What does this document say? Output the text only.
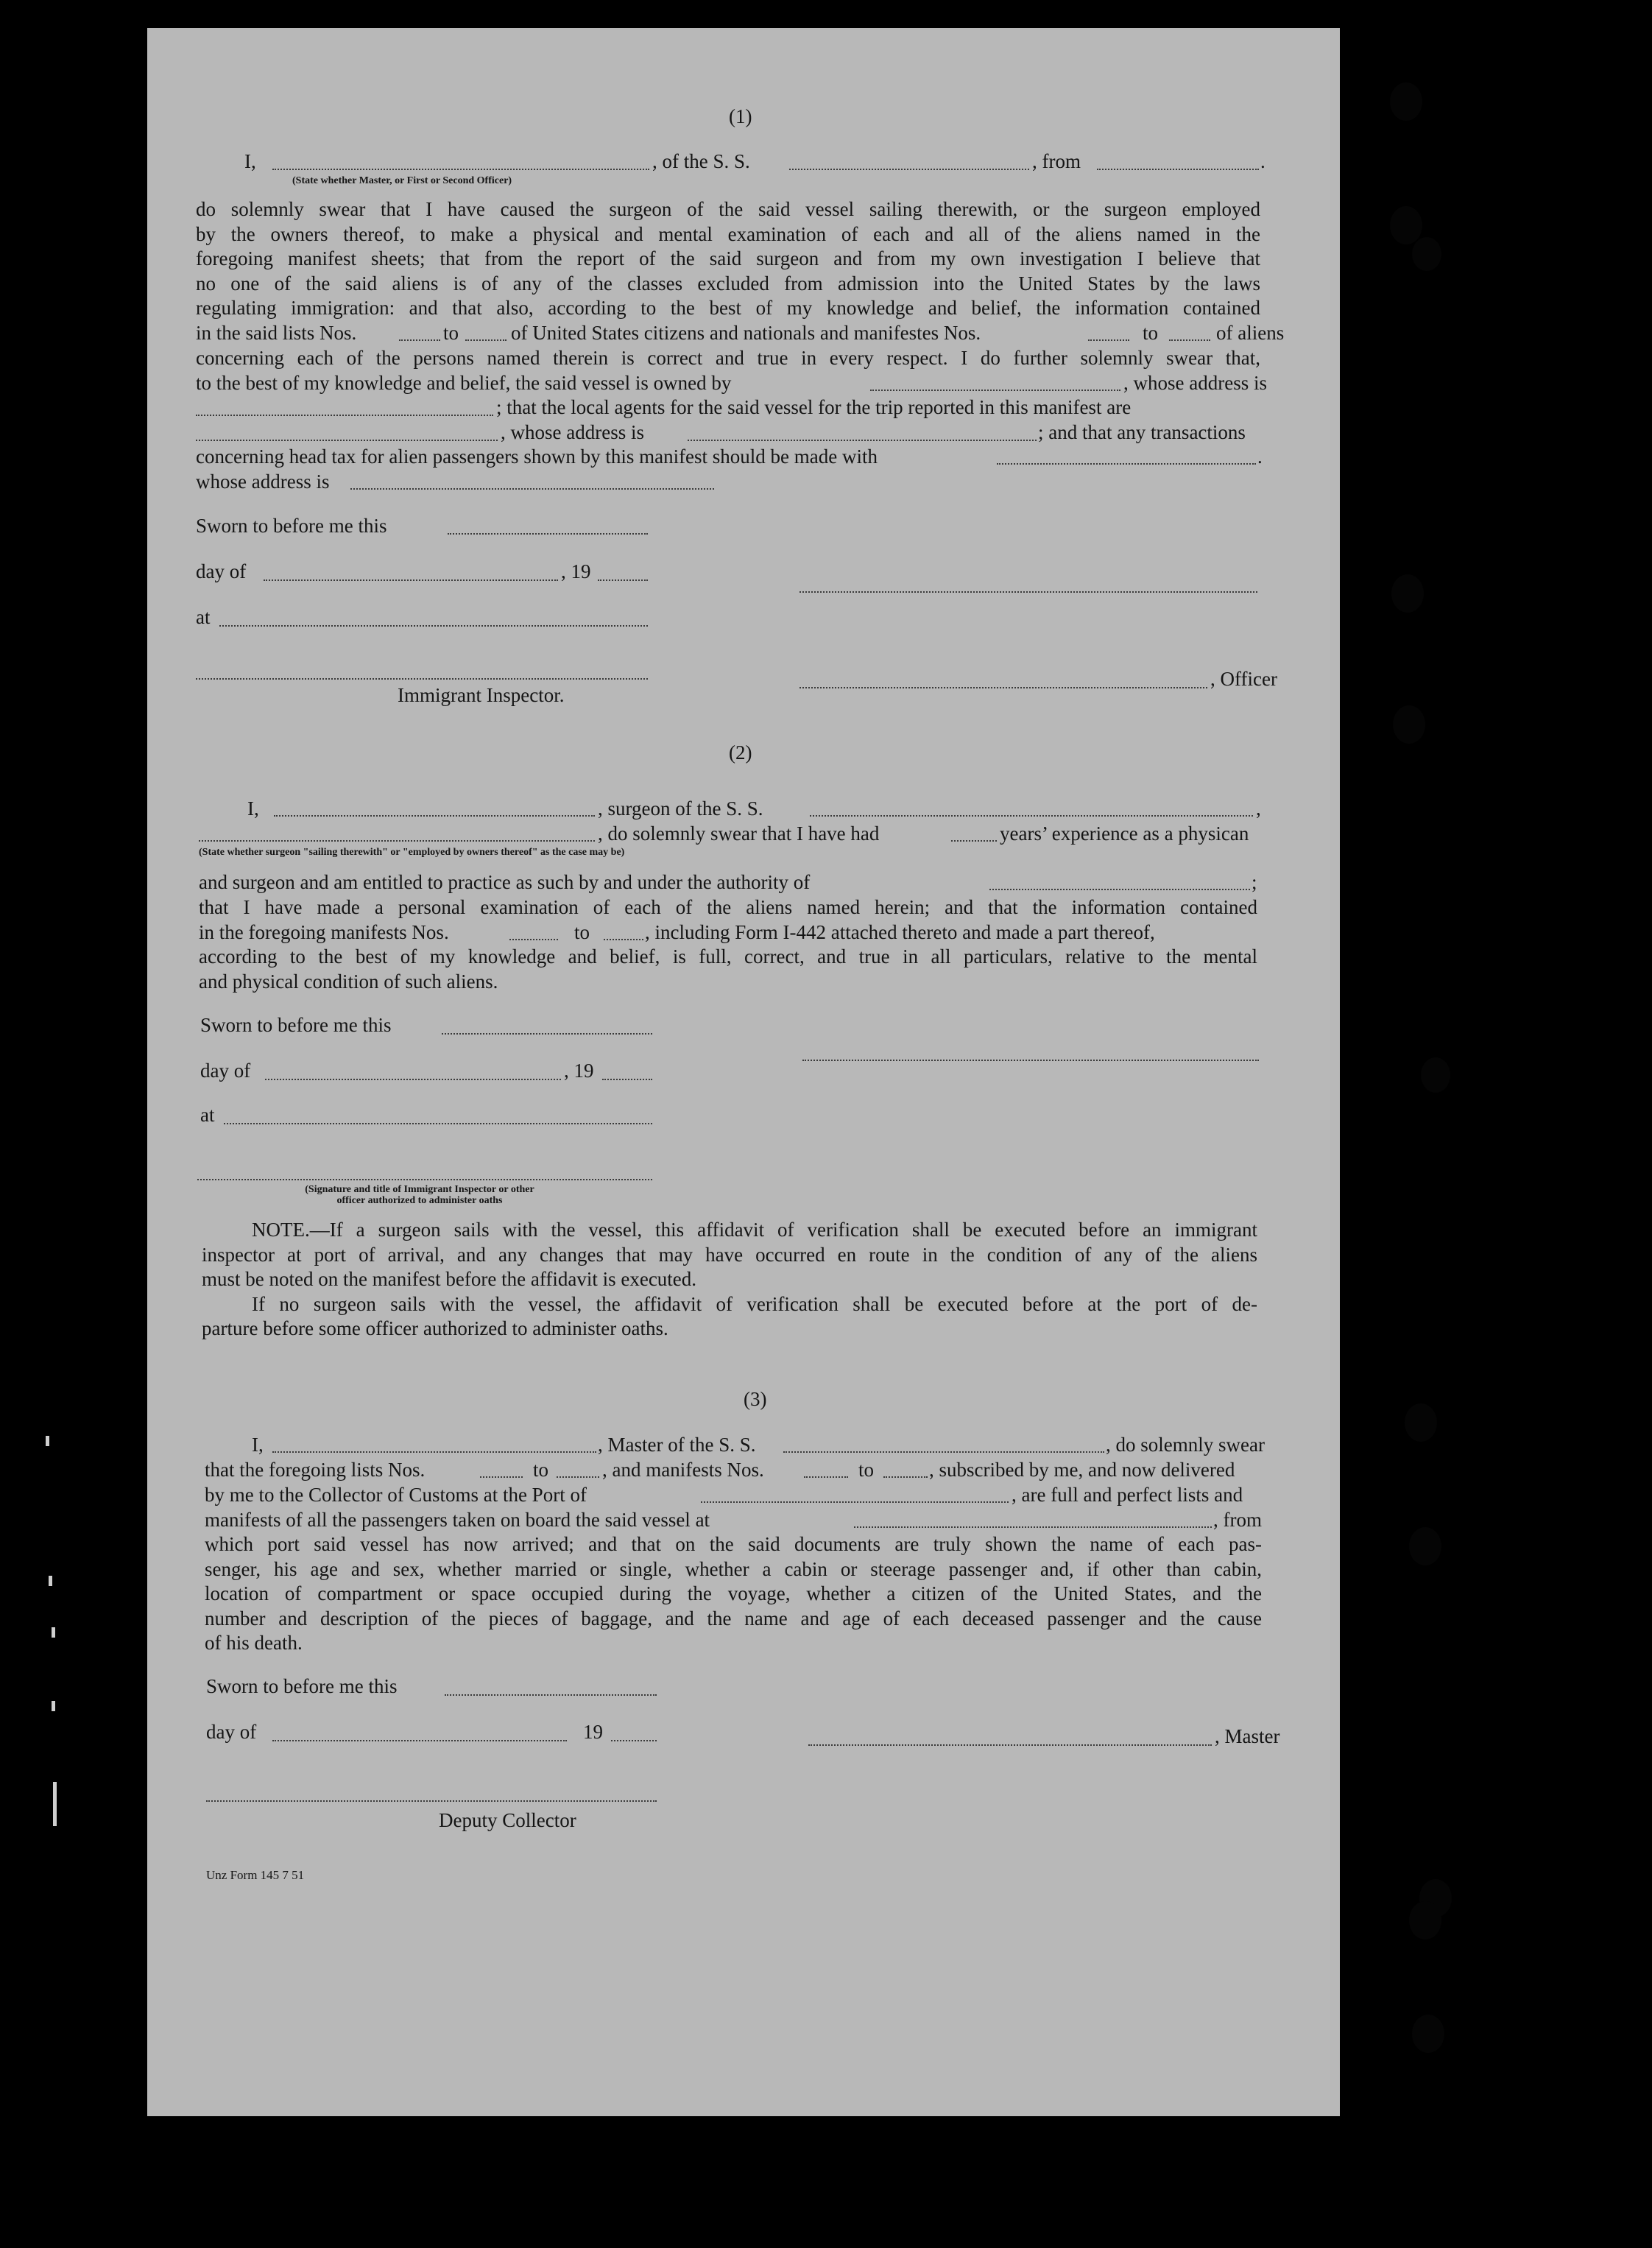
(1)
I,	, of the S. S.	, from	.
(State whether Master, or First or Second Officer)
do solemnly swear that I have caused the surgeon of the said vessel sailing therewith, or the surgeon employed
by the owners thereof, to make a physical and mental examination of each and all of the aliens named in the
foregoing manifest sheets; that from the report of the said surgeon and from my own investigation I believe that
no one of the said aliens is of any of the classes excluded from admission into the United States by the laws
regulating immigration: and that also, according to the best of my knowledge and belief, the information contained
in the said lists Nos.	to	of United States citizens and nationals and manifestes Nos.	to	of aliens
concerning each of the persons named therein is correct and true in every respect. I do further solemnly swear that,
to the best of my knowledge and belief, the said vessel is owned by	, whose address is
; that the local agents for the said vessel for the trip reported in this manifest are
, whose address is	; and that any transactions
concerning head tax for alien passengers shown by this manifest should be made with	.
whose address is
Sworn to before me this
day of	, 19
at
, Officer
Immigrant Inspector.
(2)
I,	, surgeon of the S. S.	,
, do solemnly swear that I have had	years’ experience as a physican
(State whether surgeon "sailing therewith" or "employed by owners thereof" as the case may be)
and surgeon and am entitled to practice as such by and under the authority of	;
that I have made a personal examination of each of the aliens named herein; and that the information contained
in the foregoing manifests Nos.	to	, including Form I-442 attached thereto and made a part thereof,
according to the best of my knowledge and belief, is full, correct, and true in all particulars, relative to the mental
and physical condition of such aliens.
Sworn to before me this
day of	, 19
at
(Signature and title of Immigrant Inspector or other
officer authorized to administer oaths
NOTE.—If a surgeon sails with the vessel, this affidavit of verification shall be executed before an immigrant
inspector at port of arrival, and any changes that may have occurred en route in the condition of any of the aliens
must be noted on the manifest before the affidavit is executed.
If no surgeon sails with the vessel, the affidavit of verification shall be executed before at the port of de-
parture before some officer authorized to administer oaths.
(3)
I,	, Master of the S. S.	, do solemnly swear
that the foregoing lists Nos.	to	, and manifests Nos.	to	, subscribed by me, and now delivered
by me to the Collector of Customs at the Port of	, are full and perfect lists and
manifests of all the passengers taken on board the said vessel at	, from
which port said vessel has now arrived; and that on the said documents are truly shown the name of each pas-
senger, his age and sex, whether married or single, whether a cabin or steerage passenger and, if other than cabin,
location of compartment or space occupied during the voyage, whether a citizen of the United States, and the
number and description of the pieces of baggage, and the name and age of each deceased passenger and the cause
of his death.
Sworn to before me this
day of	19	, Master
Deputy Collector
Unz Form 145 7 51
